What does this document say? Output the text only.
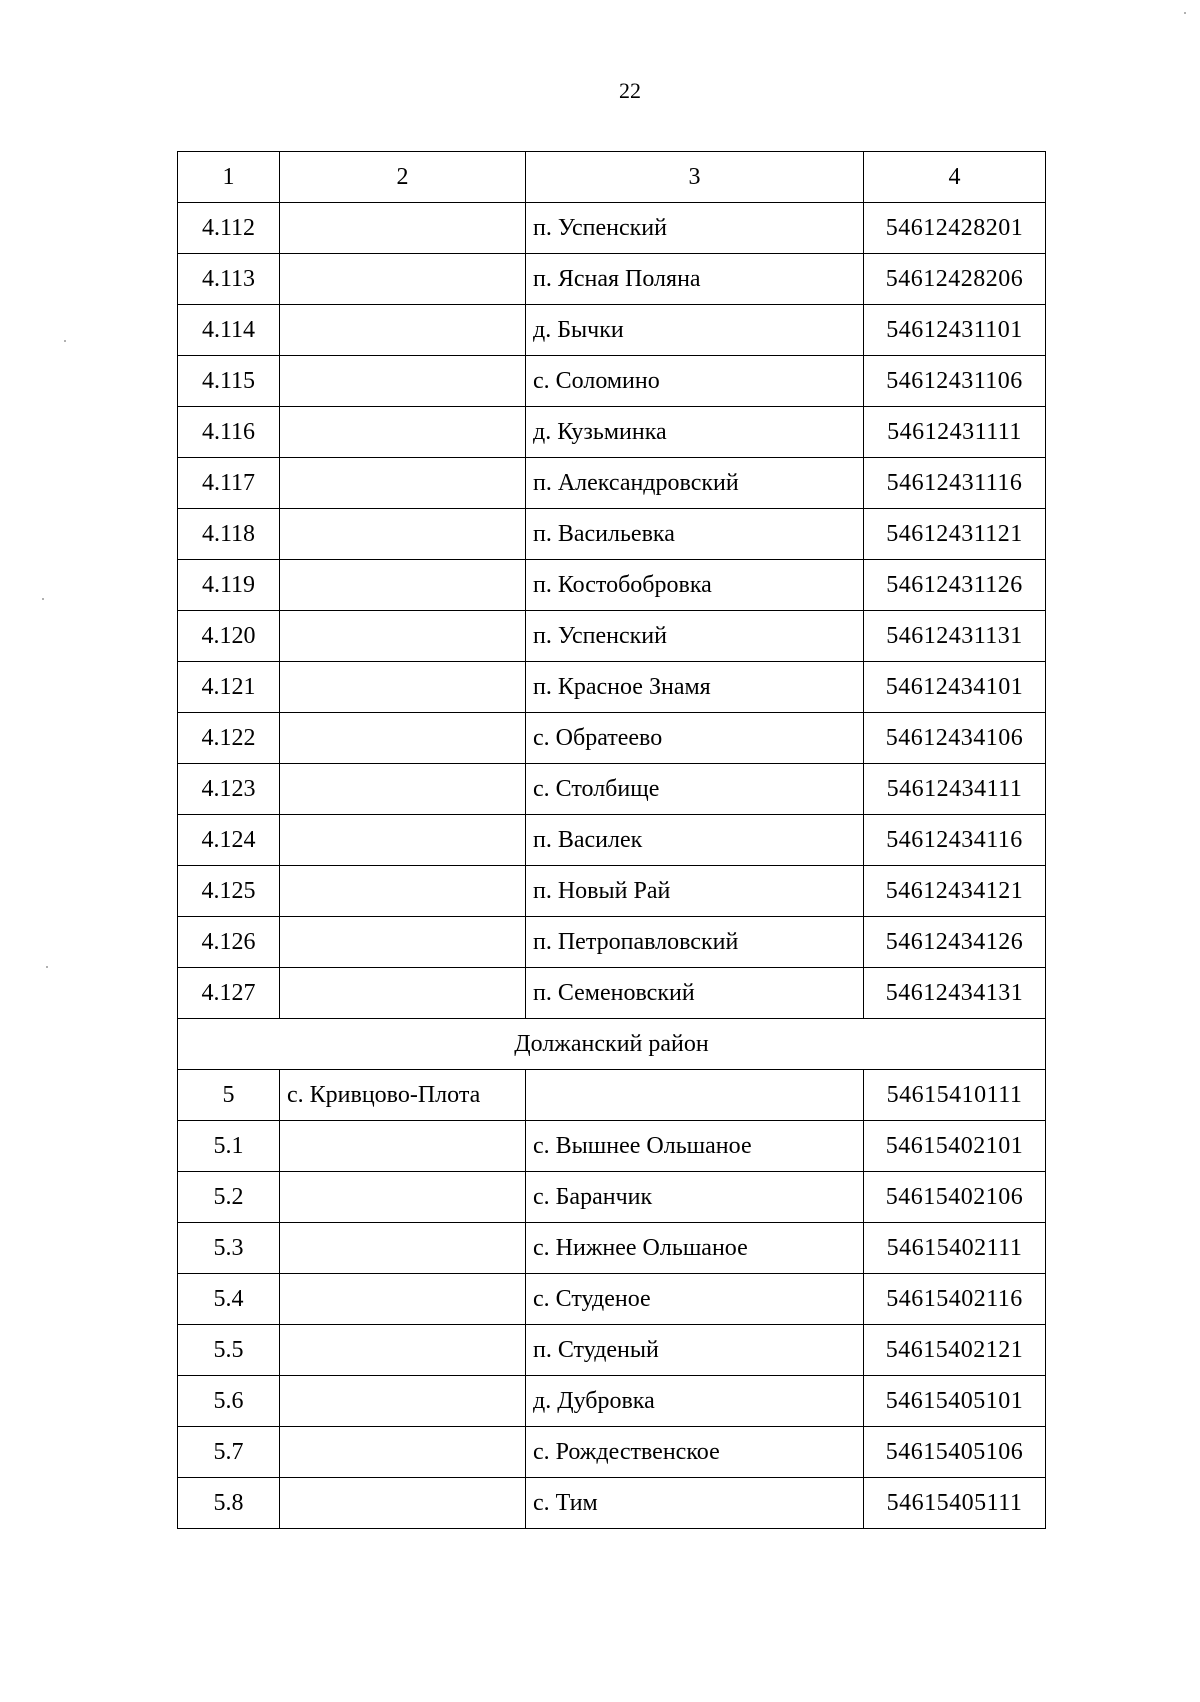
22
1	2	3	4
4.112		п. Успенский	54612428201
4.113		п. Ясная Поляна	54612428206
4.114		д. Бычки	54612431101
4.115		с. Соломино	54612431106
4.116		д. Кузьминка	54612431111
4.117		п. Александровский	54612431116
4.118		п. Васильевка	54612431121
4.119		п. Костобобровка	54612431126
4.120		п. Успенский	54612431131
4.121		п. Красное Знамя	54612434101
4.122		с. Обратеево	54612434106
4.123		с. Столбище	54612434111
4.124		п. Василек	54612434116
4.125		п. Новый Рай	54612434121
4.126		п. Петропавловский	54612434126
4.127		п. Семеновский	54612434131
Должанский район			
5	с. Кривцово-Плота		54615410111
5.1		с. Вышнее Ольшаное	54615402101
5.2		с. Баранчик	54615402106
5.3		с. Нижнее Ольшаное	54615402111
5.4		с. Студеное	54615402116
5.5		п. Студеный	54615402121
5.6		д. Дубровка	54615405101
5.7		с. Рождественское	54615405106
5.8		с. Тим	54615405111
